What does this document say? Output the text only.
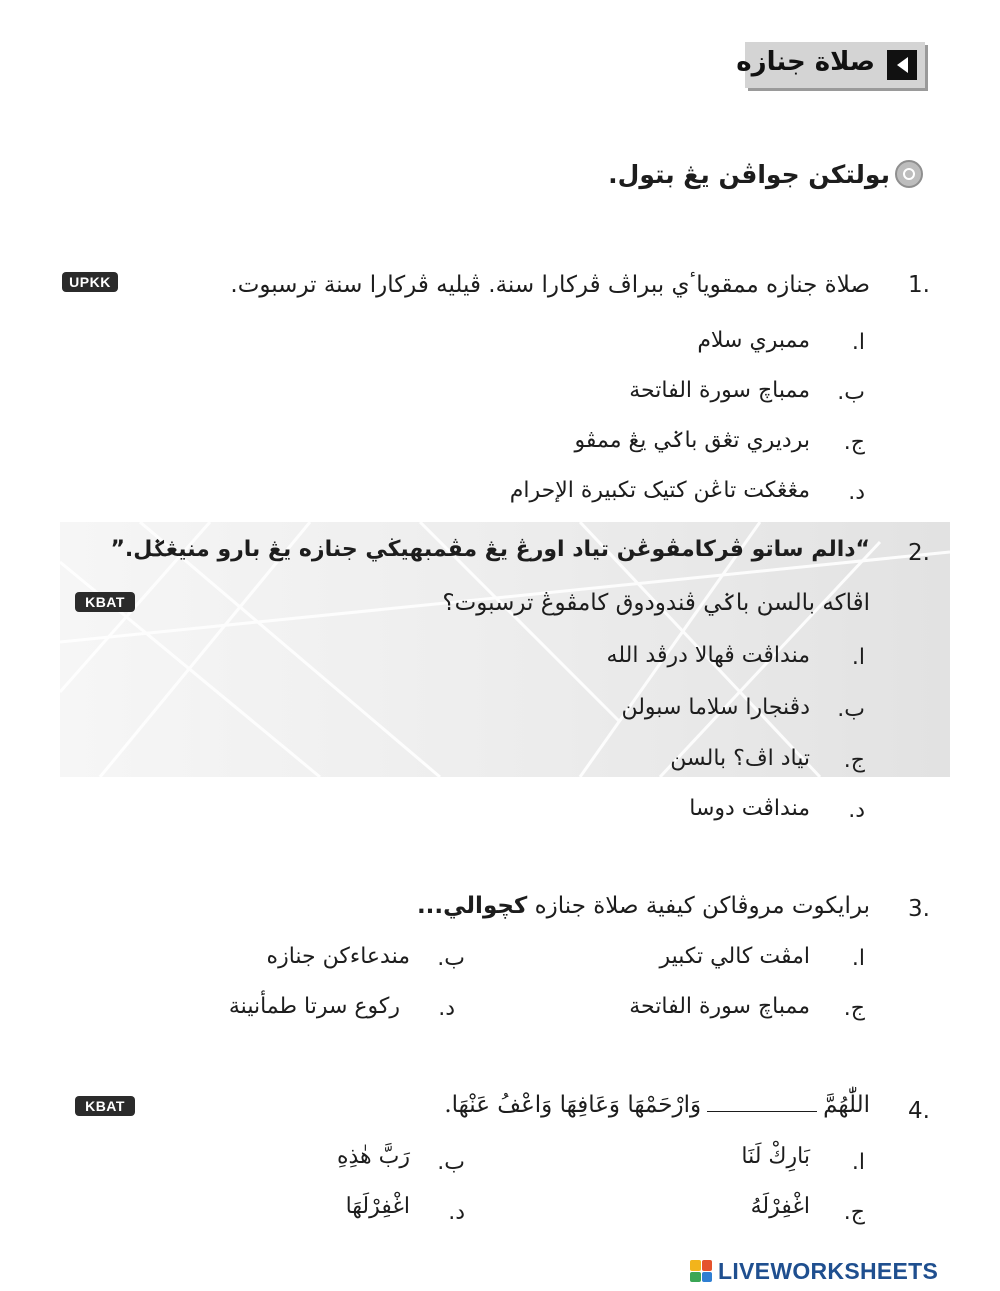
صلاة جنازه
بولتكن جواڤن يڠ بتول.
1.
صلاة جنازه ممقوياٴي ببراڤ ڤركارا سنة. ڤيليه ڤركارا سنة ترسبوت.
UPKK
ا.
ممبري سلام
ب.
ممباچ سورة الفاتحة
ج.
برديري تڠق باݢي يڠ ممڤو
د.
مڠڠكت تاڠن كتيک تكبيرة الإحرام
2.
“دالم ساتو ڤركامڤوڠن تياد اورڠ يڠ مڤمبهيڬي جنازه يڠ بارو منيڠݢل.”
اڤاكه بالسن باݢي ڤندودوق كامڤوڠ ترسبوت؟
KBAT
ا.
منداڤت ڤهالا درڤد الله
ب.
دڤنجارا سلاما سبولن
ج.
تياد اڤ؟ بالسن
د.
منداڤت دوسا
3.
برايكوت مروڤاكن كيفية صلاة جنازه كچوالي...
ا.
امڤت كالي تكبير
ب.
مندعاءكن جنازه
ج.
ممباچ سورة الفاتحة
د.
ركوع سرتا طمأنينة
4.
اللّٰهُمَّوَارْحَمْهَا وَعَافِهَا وَاعْفُ عَنْهَا.
KBAT
ا.
بَارِكْ لَنَا
ب.
رَبَّ هٰذِهِ
ج.
اغْفِرْلَهُ
د.
اغْفِرْلَهَا
LIVEWORKSHEETS
